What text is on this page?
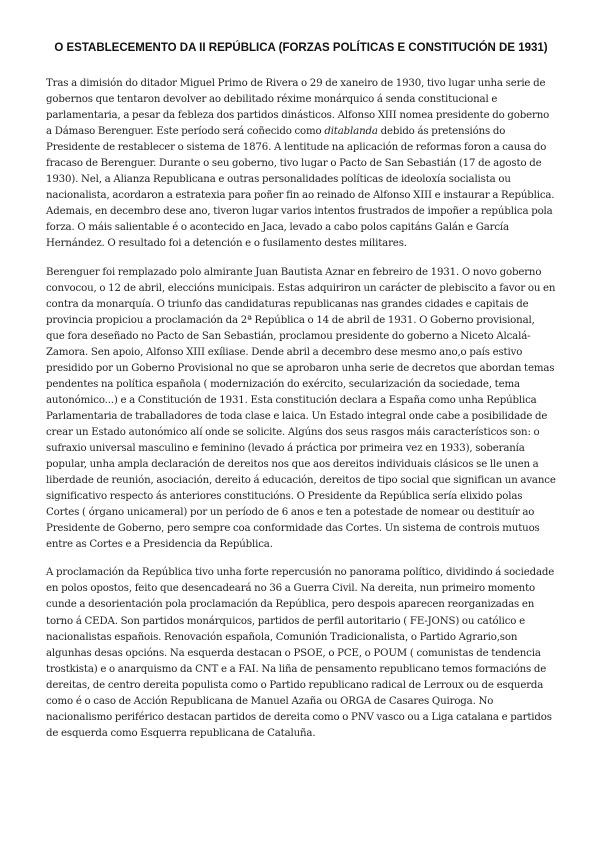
O ESTABLECEMENTO DA II REPÚBLICA (FORZAS POLÍTICAS E CONSTITUCIÓN DE 1931)

Tras a dimisión do ditador Miguel Primo de Rivera o 29 de xaneiro de 1930, tivo lugar unha serie de gobernos que tentaron devolver ao debilitado réxime monárquico á senda constitucional e parlamentaria, a pesar da febleza dos partidos dinásticos. Alfonso XIII nomea presidente do goberno a Dámaso Berenguer. Este período será coñecido como ditablanda debido ás pretensións do Presidente de restablecer o sistema de 1876. A lentitude na aplicación de reformas foron a causa do fracaso de Berenguer. Durante o seu goberno, tivo lugar o Pacto de San Sebastián (17 de agosto de 1930). Nel, a Alianza Republicana e outras personalidades políticas de ideoloxía socialista ou nacionalista, acordaron a estratexia para poñer fin ao reinado de Alfonso XIII e instaurar a República. Ademais, en decembro dese ano, tiveron lugar varios intentos frustrados de impoñer a república pola forza. O máis salientable é o acontecido en Jaca, levado a cabo polos capitáns Galán e García Hernández. O resultado foi a detención e o fusilamento destes militares.

Berenguer foi remplazado polo almirante Juan Bautista Aznar en febreiro de 1931. O novo goberno convocou, o 12 de abril, eleccións municipais. Estas adquiriron un carácter de plebiscito a favor ou en contra da monarquía. O triunfo das candidaturas republicanas nas grandes cidades e capitais de provincia propiciou a proclamación da 2ª República o 14 de abril de 1931. O Goberno provisional, que fora deseñado no Pacto de San Sebastián, proclamou presidente do goberno a Niceto Alcalá-Zamora. Sen apoio, Alfonso XIII exíliase. Dende abril a decembro dese mesmo ano,o país estivo presidido por un Goberno Provisional no que se aprobaron unha serie de decretos que abordan temas pendentes na política española ( modernización do exército, secularización da sociedade, tema autonómico...) e a Constitución de 1931. Esta constitución declara a España como unha República Parlamentaria de traballadores de toda clase e laica. Un Estado integral onde cabe a posibilidade de crear un Estado autonómico alí onde se solicite. Algúns dos seus rasgos máis característicos son: o sufraxio universal masculino e feminino (levado á práctica por primeira vez en 1933), soberanía popular, unha ampla declaración de dereitos nos que aos dereitos individuais clásicos se lle unen a liberdade de reunión, asociación, dereito á educación, dereitos de tipo social que significan un avance significativo respecto ás anteriores constitucións. O Presidente da República sería elixido polas Cortes ( órgano unicameral) por un período de 6 anos e ten a potestade de nomear ou destituír ao Presidente de Goberno, pero sempre coa conformidade das Cortes. Un sistema de controis mutuos entre as Cortes e a Presidencia da República.

A proclamación da República tivo unha forte repercusión no panorama político, dividindo á sociedade en polos opostos, feito que desencadeará no 36 a Guerra Civil. Na dereita, nun primeiro momento cunde a desorientación pola proclamación da República, pero despois aparecen reorganizadas en torno á CEDA. Son partidos monárquicos, partidos de perfil autoritario ( FE-JONS) ou católico e nacionalistas españois. Renovación española, Comunión Tradicionalista, o Partido Agrario,son algunhas desas opcións. Na esquerda destacan o PSOE, o PCE, o POUM ( comunistas de tendencia trostkista) e o anarquismo da CNT e a FAI. Na liña de pensamento republicano temos formacións de dereitas, de centro dereita populista como o Partido republicano radical de Lerroux ou de esquerda como é o caso de Acción Republicana de Manuel Azaña ou ORGA de Casares Quiroga. No nacionalismo periférico destacan partidos de dereita como o PNV vasco ou a Liga catalana e partidos de esquerda como Esquerra republicana de Cataluña.
